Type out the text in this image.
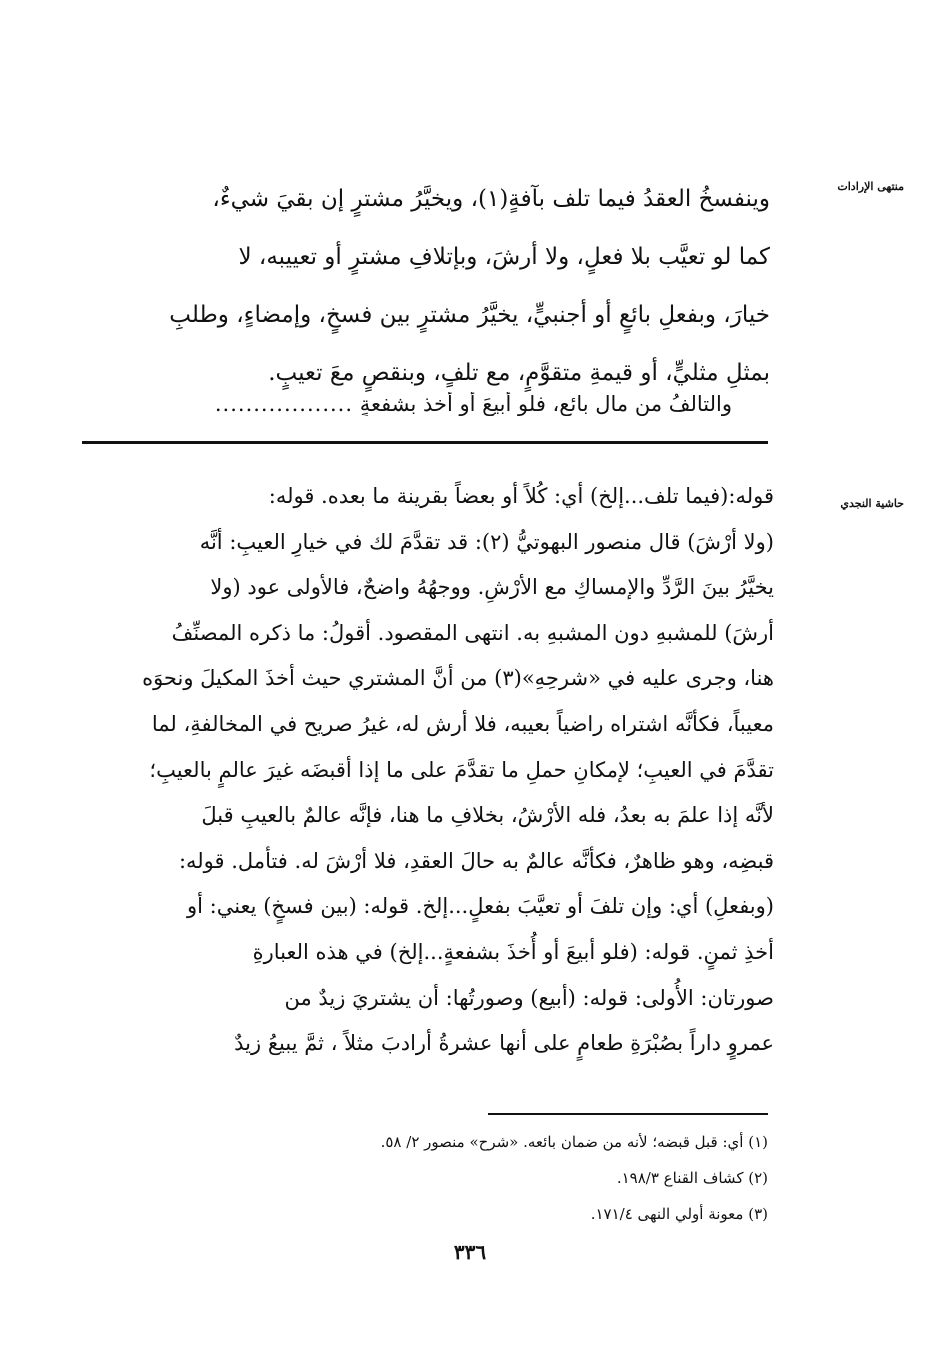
منتهى الإرادات
حاشية النجدي
وينفسخُ العقدُ فيما تلف بآفةٍ(١)، ويخيَّرُ مشترٍ إن بقيَ شيءٌ،
كما لو تعيَّب بلا فعلٍ، ولا أرشَ، وبإتلافِ مشترٍ أو تعييبه، لا
خيارَ، وبفعلِ بائعٍ أو أجنبيٍّ، يخيَّرُ مشترٍ بين فسخٍ، وإمضاءٍ، وطلبِ
بمثلِ مثليٍّ، أو قيمةِ متقوَّمٍ، مع تلفٍ، وبنقصٍ معَ تعيبٍ.
والتالفُ من مالِ بائعٍ، فلو أُبيعَ أو أُخذ بشفعةٍ ..................
قوله:(فيما تلف...إلخ) أي: كُلاً أو بعضاً بقرينة ما بعده. قوله:
(ولا أرْشَ) قال منصور البهوتيُّ (٢): قد تقدَّمَ لك في خيارِ العيبِ: أنَّه
يخيَّرُ بينَ الرَّدِّ والإمساكِ مع الأرْشِ. ووجهُهُ واضحٌ، فالأولى عود (ولا
أرشَ) للمشبهِ دون المشبهِ به. انتهى المقصود. أقولُ: ما ذكره المصنِّفُ
هنا، وجرى عليه في «شرحِهِ»(٣) من أنَّ المشتري حيث أخذَ المكيلَ ونحوَه
معيباً، فكأنَّه اشتراه راضياً بعيبه، فلا أرش له، غيرُ صريح في المخالفةِ، لما
تقدَّمَ في العيبِ؛ لإمكانِ حملِ ما تقدَّمَ على ما إذا أقبضَه غيرَ عالمٍ بالعيبِ؛
لأنَّه إذا علمَ به بعدُ، فله الأرْشُ، بخلافِ ما هنا، فإنَّه عالمٌ بالعيبِ قبلَ
قبضِه، وهو ظاهرٌ، فكأنَّه عالمٌ به حالَ العقدِ، فلا أرْشَ له. فتأمل. قوله:
(وبفعلِ) أي: وإن تلفَ أو تعيَّبَ بفعلٍ...إلخ. قوله: (بين فسخٍ) يعني: أو
أخذِ ثمنٍ. قوله: (فلو أبيعَ أو أُخذَ بشفعةٍ...إلخ) في هذه العبارةِ
صورتان: الأُولى: قوله: (أبيع) وصورتُها: أن يشتريَ زيدٌ من
عمروٍ داراً بصُبْرَةِ طعامٍ على أنها عشرةُ أرادبَ مثلاً ، ثمَّ يبيعُ زيدٌ
(١) أي: قبل قبضه؛ لأنه من ضمان بائعه. «شرح» منصور ٢/ ٥٨.
(٢) كشاف القناع ١٩٨/٣.
(٣) معونة أولي النهى ١٧١/٤.
٣٣٦
